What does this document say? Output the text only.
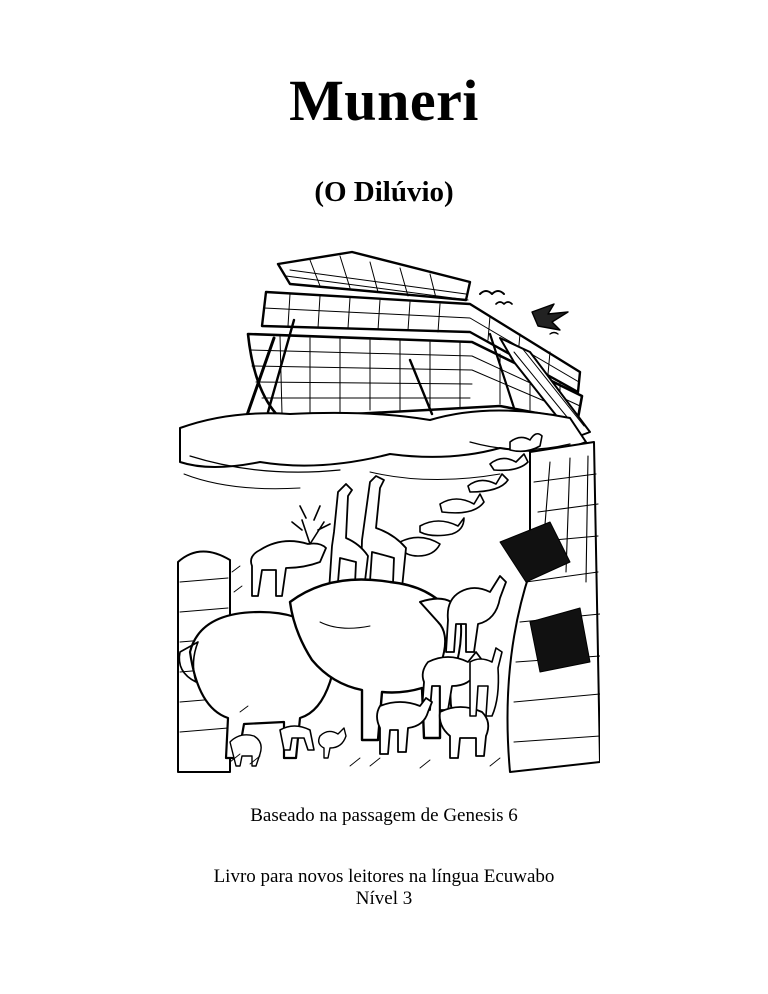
Muneri
(O Dilúvio)
Baseado na passagem de Genesis 6
Livro para novos leitores na língua Ecuwabo
Nível 3
